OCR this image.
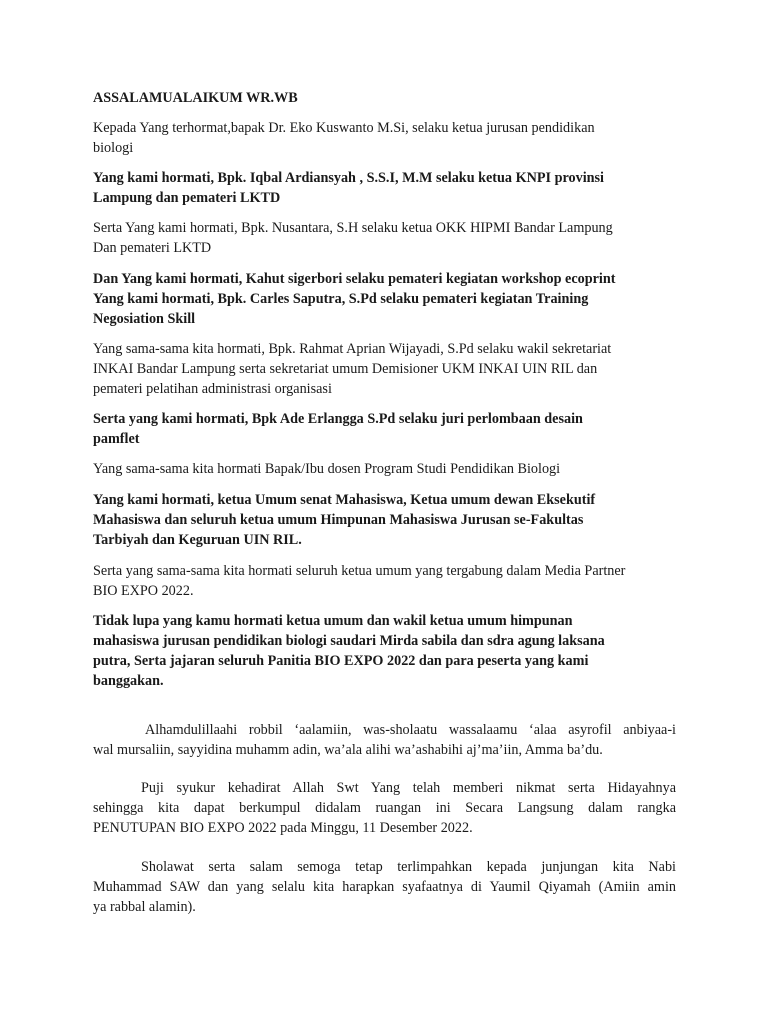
ASSALAMUALAIKUM WR.WB

Kepada Yang terhormat,bapak Dr. Eko Kuswanto M.Si, selaku ketua jurusan pendidikan
biologi

Yang kami hormati, Bpk. Iqbal Ardiansyah , S.S.I, M.M selaku ketua KNPI provinsi
Lampung dan pemateri LKTD

Serta Yang kami hormati, Bpk. Nusantara, S.H selaku ketua OKK HIPMI Bandar Lampung
Dan pemateri LKTD

Dan Yang kami hormati, Kahut sigerbori selaku pemateri kegiatan workshop ecoprint
Yang kami hormati, Bpk. Carles Saputra, S.Pd selaku pemateri kegiatan Training
Negosiation Skill

Yang sama-sama kita hormati, Bpk. Rahmat Aprian Wijayadi, S.Pd selaku wakil sekretariat
INKAI Bandar Lampung serta sekretariat umum Demisioner UKM INKAI UIN RIL dan
pemateri pelatihan administrasi organisasi

Serta yang kami hormati, Bpk Ade Erlangga S.Pd selaku juri perlombaan desain
pamflet

Yang sama-sama kita hormati Bapak/Ibu dosen Program Studi Pendidikan Biologi

Yang kami hormati, ketua Umum senat Mahasiswa, Ketua umum dewan Eksekutif
Mahasiswa dan seluruh ketua umum Himpunan Mahasiswa Jurusan se-Fakultas
Tarbiyah dan Keguruan UIN RIL.

Serta yang sama-sama kita hormati seluruh ketua umum yang tergabung dalam Media Partner
BIO EXPO 2022.

Tidak lupa yang kamu hormati ketua umum dan wakil ketua umum himpunan
mahasiswa jurusan pendidikan biologi saudari Mirda sabila dan sdra agung laksana
putra, Serta jajaran seluruh Panitia BIO EXPO 2022 dan para peserta yang kami
banggakan.

Alhamdulillaahi robbil ‘aalamiin, was-sholaatu wassalaamu ‘alaa asyrofil anbiyaa-i
wal mursaliin, sayyidina muhamm adin, wa’ala alihi wa’ashabihi aj’ma’iin, Amma ba’du.

Puji syukur kehadirat Allah Swt Yang telah memberi nikmat serta Hidayahnya
sehingga kita dapat berkumpul didalam ruangan ini Secara Langsung dalam rangka
PENUTUPAN BIO EXPO 2022 pada Minggu, 11 Desember 2022.

Sholawat serta salam semoga tetap terlimpahkan kepada junjungan kita Nabi
Muhammad SAW dan yang selalu kita harapkan syafaatnya di Yaumil Qiyamah (Amiin amin
ya rabbal alamin).
